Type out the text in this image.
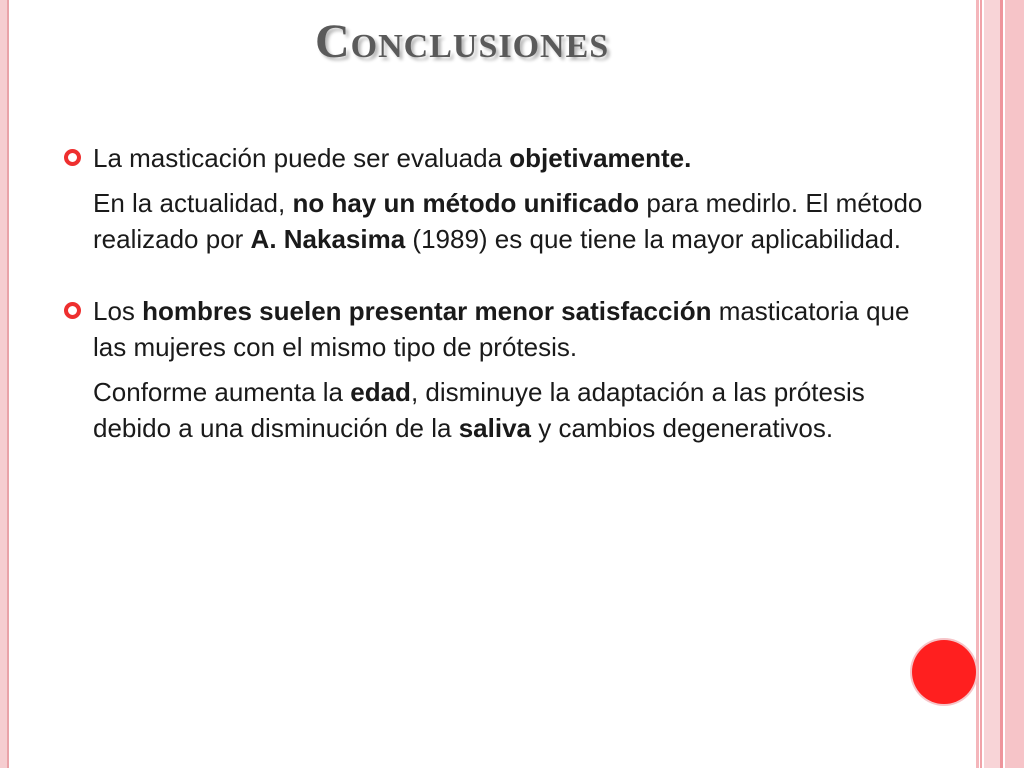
Conclusiones

La masticación puede ser evaluada objetivamente.

En la actualidad, no hay un método unificado para medirlo. El método realizado por A. Nakasima (1989) es que tiene la mayor aplicabilidad.

Los hombres suelen presentar menor satisfacción masticatoria que las mujeres con el mismo tipo de prótesis.

Conforme aumenta la edad, disminuye la adaptación a las prótesis debido a una disminución de la saliva y cambios degenerativos.
